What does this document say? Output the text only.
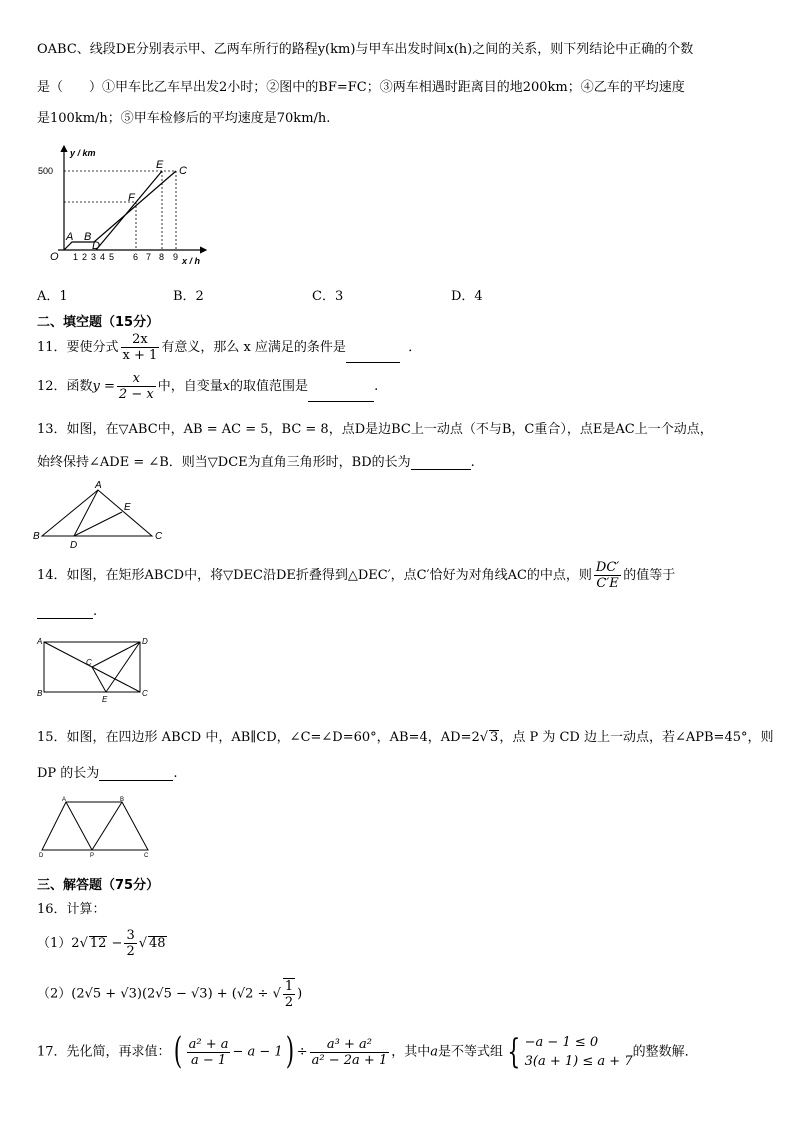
OABC、线段DE分别表示甲、乙两车所行的路程y(km)与甲车出发时间x(h)之间的关系，则下列结论中正确的个数
是（　　）①甲车比乙车早出发2小时；②图中的BF=FC；③两车相遇时距离目的地200km；④乙车的平均速度
是100km/h；⑤甲车检修后的平均速度是70km/h.
y / km
x / h
500
O
A B
D
F
E C
1 2 3 4 5 6 7 8 9
A．1	B．2	C．3	D．4
二、填空题（15分）
11．要使分式 $\frac{2x}{x + 1}$ 有意义，那么 x 应满足的条件是	．
12．函数$y = \frac{x}{2 - x}$ 中，自变量x的取值范围是	.
13．如图，在▽ABC中，AB = AC = 5，BC = 8，点D是边BC上一动点（不与B，C重合），点E是AC上一个动点，
始终保持∠ADE = ∠B．则当▽DCE为直角三角形时，BD的长为	.
A
E
B
D
C
14．如图，在矩形ABCD中，将▽DEC沿DE折叠得到△DEC′，点C′恰好为对角线AC的中点，则 $\frac{DC'}{C'E}$ 的值等于
.
A	D
C
B
E
C
15．如图，在四边形 ABCD 中，AB∥CD，∠C=∠D=60°，AB=4，AD=2√ 3，点 P 为 CD 边上一动点，若∠APB=45°，则
DP 的长为	.
A	B
D	P	C
三、解答题（75分）
16．计算：
（1）2√ $12 - \frac{3}{2}$ √ 48
（2）(2√5 + √3)(2√5 − √3) + (√2 ÷ √ $\frac{1}{2}$ )
17．先化简，再求值：( $\frac{\text{a² + a}}{a - 1} - a - 1) \div \frac{\text{a³ + a²}}{\text{a² − 2a + 1}}$ ，其中a是不等式组 { −a − 1 ≤ 0
3(a + 1) ≤ a + 7
的整数解．
